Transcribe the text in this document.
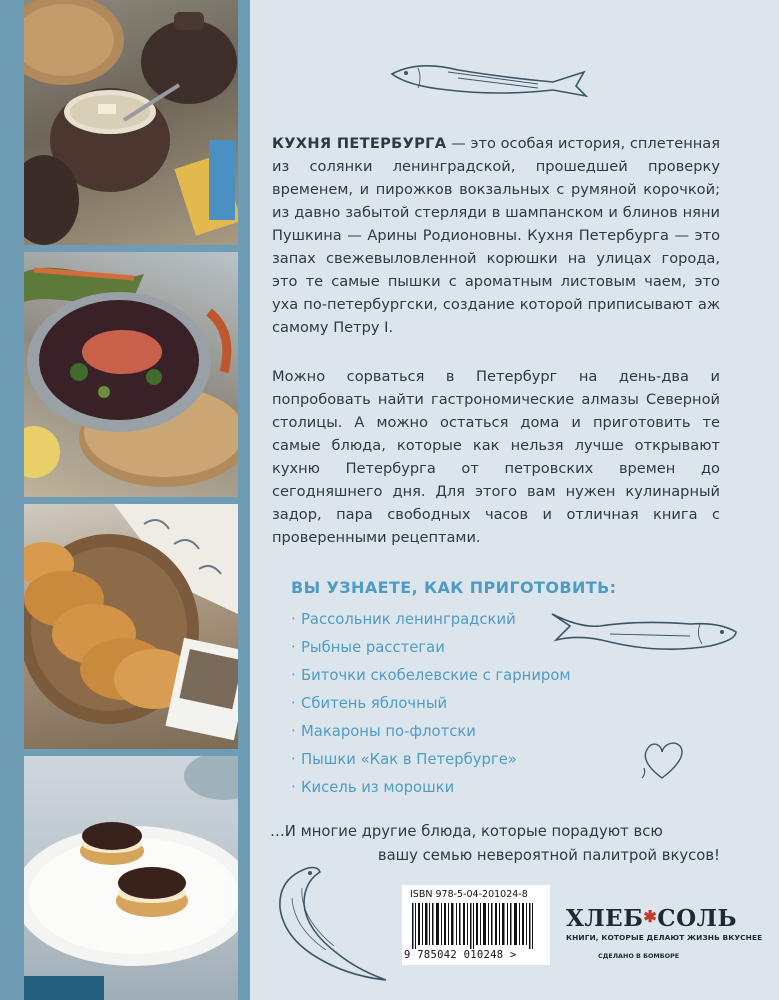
КУХНЯ ПЕТЕРБУРГА — это особая история, сплетенная из солянки ленинградской, прошедшей проверку временем, и пирожков вокзальных с румяной корочкой; из давно забытой стерляди в шампанском и блинов няни Пушкина — Арины Родионовны. Кухня Петербурга — это запах свежевыловленной корюшки на улицах города, это те самые пышки с ароматным листовым чаем, это уха по-петербургски, создание которой приписывают аж самому Петру I.

Можно сорваться в Петербург на день-два и попробовать найти гастрономические алмазы Северной столицы. А можно остаться дома и приготовить те самые блюда, которые как нельзя лучше открывают кухню Петербурга от петровских времен до сегодняшнего дня. Для этого вам нужен кулинарный задор, пара свободных часов и отличная книга с проверенными рецептами.

ВЫ УЗНАЕТЕ, КАК ПРИГОТОВИТЬ:
· Рассольник ленинградский
· Рыбные расстегаи
· Биточки скобелевские с гарниром
· Сбитень яблочный
· Макароны по-флотски
· Пышки «Как в Петербурге»
· Кисель из морошки

…И многие другие блюда, которые порадуют всю

вашу семью невероятной палитрой вкусов!

ISBN 978-5-04-201024-8
9 785042 010248 >
ХЛЕБ✱СОЛЬ
КНИГИ, КОТОРЫЕ ДЕЛАЮТ ЖИЗНЬ ВКУСНЕЕ
СДЕЛАНО В БОМБОРЕ
